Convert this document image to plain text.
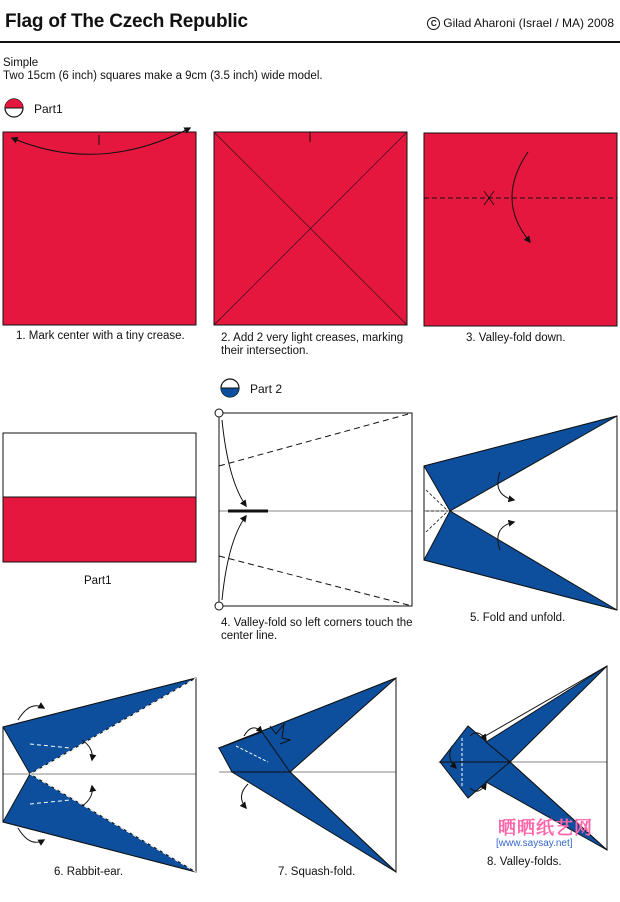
Flag of The Czech Republic	C Gilad Aharoni (Israel / MA) 2008
Simple
Two 15cm (6 inch) squares make a 9cm (3.5 inch) wide model.
Part1
Part 2
1. Mark center with a tiny crease.	2. Add 2 very light creases, marking
their intersection.
3. Valley-fold down.
Part1
4. Valley-fold so left corners touch the
center line.
5. Fold and unfold.
6. Rabbit-ear.	7. Squash-fold.
8. Valley-folds.
晒晒纸艺网
[www.saysay.net]
